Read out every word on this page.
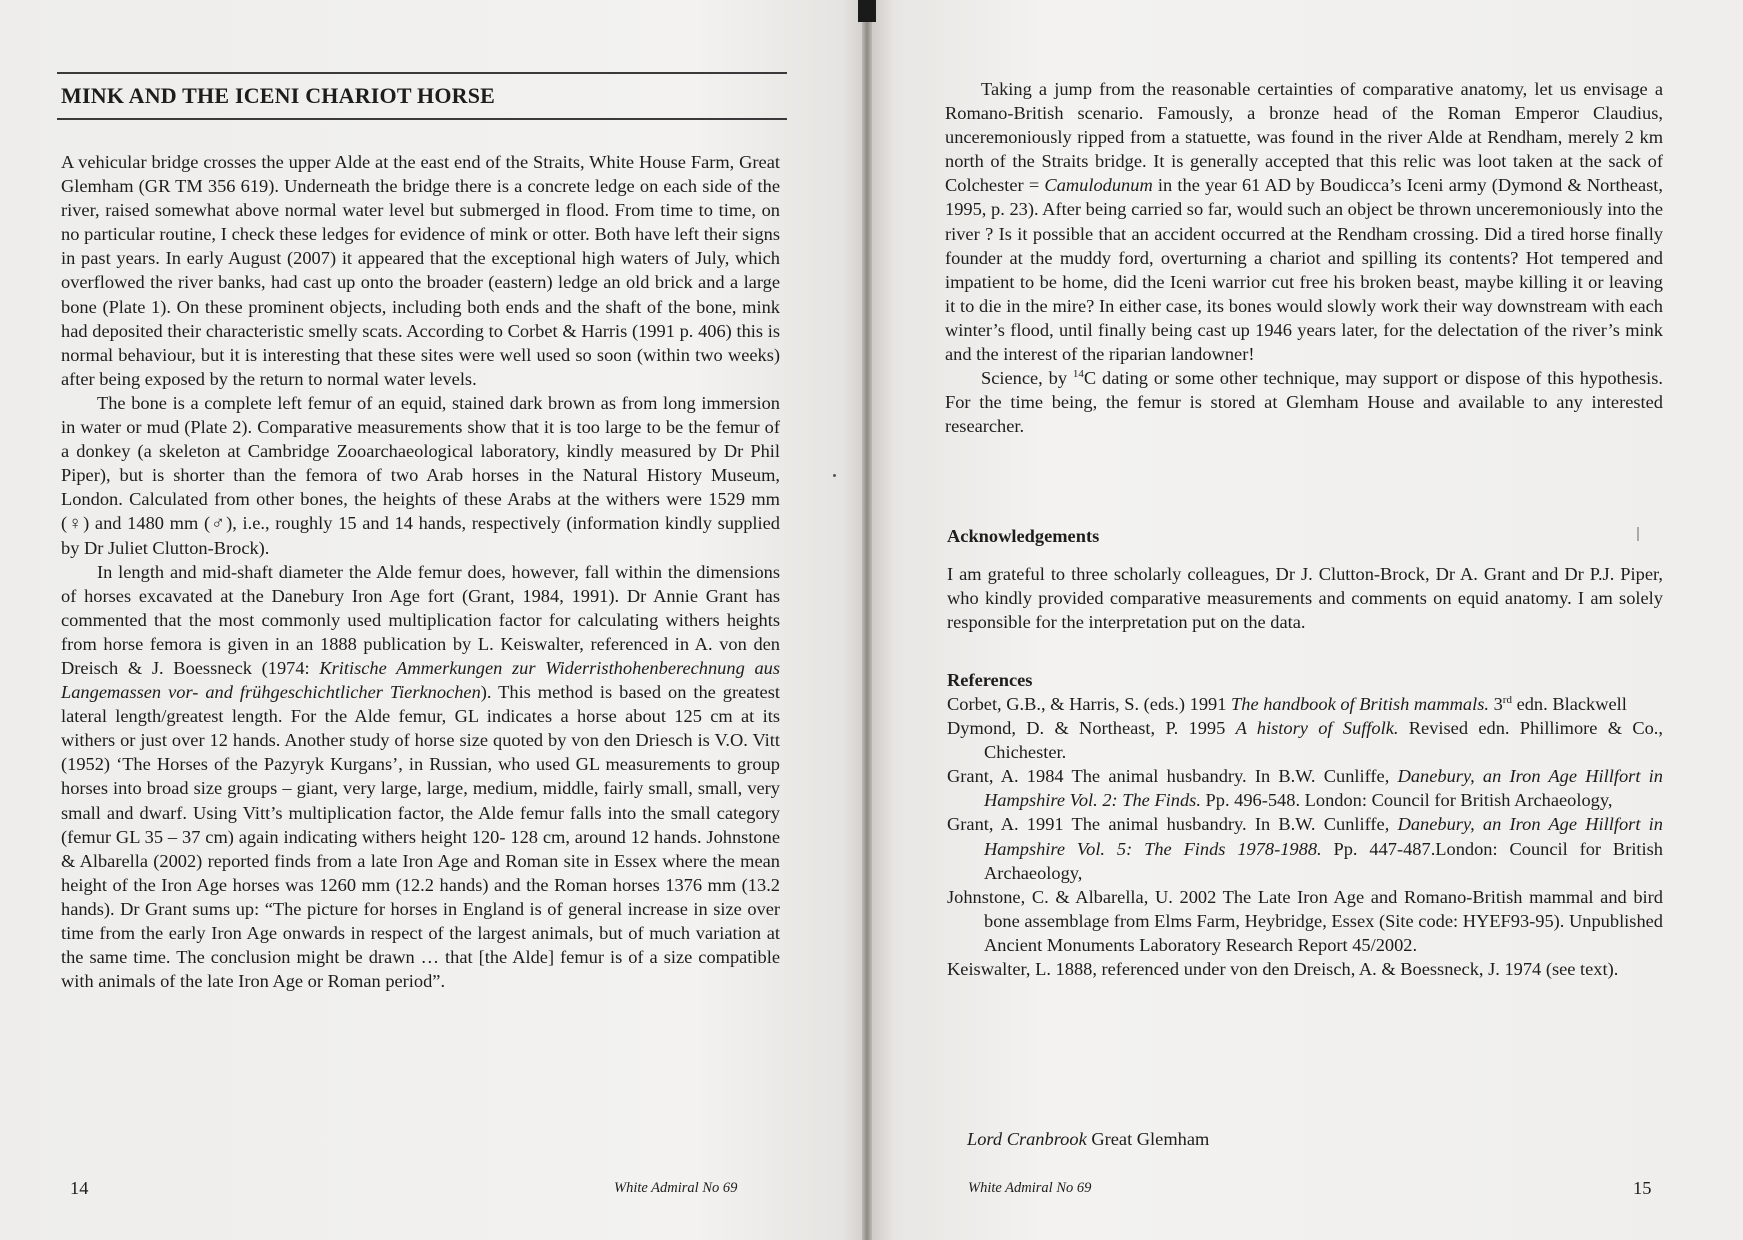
MINK AND THE ICENI CHARIOT HORSE

A vehicular bridge crosses the upper Alde at the east end of the Straits, White House Farm, Great Glemham (GR TM 356 619). Underneath the bridge there is a concrete ledge on each side of the river, raised somewhat above normal water level but submerged in flood. From time to time, on no particular routine, I check these ledges for evidence of mink or otter. Both have left their signs in past years. In early August (2007) it appeared that the exceptional high waters of July, which overflowed the river banks, had cast up onto the broader (eastern) ledge an old brick and a large bone (Plate 1). On these prominent objects, including both ends and the shaft of the bone, mink had deposited their characteristic smelly scats. According to Corbet & Harris (1991 p. 406) this is normal behaviour, but it is interesting that these sites were well used so soon (within two weeks) after being exposed by the return to normal water levels.

The bone is a complete left femur of an equid, stained dark brown as from long immersion in water or mud (Plate 2). Comparative measurements show that it is too large to be the femur of a donkey (a skeleton at Cambridge Zooarchaeological laboratory, kindly measured by Dr Phil Piper), but is shorter than the femora of two Arab horses in the Natural History Museum, London. Calculated from other bones, the heights of these Arabs at the withers were 1529 mm (♀) and 1480 mm (♂), i.e., roughly 15 and 14 hands, respectively (information kindly supplied by Dr Juliet Clutton-Brock).

In length and mid-shaft diameter the Alde femur does, however, fall within the dimensions of horses excavated at the Danebury Iron Age fort (Grant, 1984, 1991). Dr Annie Grant has commented that the most commonly used multiplication factor for calculating withers heights from horse femora is given in an 1888 publication by L. Keiswalter, referenced in A. von den Dreisch & J. Boessneck (1974: Kritische Ammerkungen zur Widerristhohenberechnung aus Langemassen vor- and frühgeschichtlicher Tierknochen). This method is based on the greatest lateral length/greatest length. For the Alde femur, GL indicates a horse about 125 cm at its withers or just over 12 hands. Another study of horse size quoted by von den Driesch is V.O. Vitt (1952) ‘The Horses of the Pazyryk Kurgans’, in Russian, who used GL measurements to group horses into broad size groups – giant, very large, large, medium, middle, fairly small, small, very small and dwarf. Using Vitt’s multiplication factor, the Alde femur falls into the small category (femur GL 35 – 37 cm) again indicating withers height 120- 128 cm, around 12 hands. Johnstone & Albarella (2002) reported finds from a late Iron Age and Roman site in Essex where the mean height of the Iron Age horses was 1260 mm (12.2 hands) and the Roman horses 1376 mm (13.2 hands). Dr Grant sums up: “The picture for horses in England is of general increase in size over time from the early Iron Age onwards in respect of the largest animals, but of much variation at the same time. The conclusion might be drawn … that [the Alde] femur is of a size compatible with animals of the late Iron Age or Roman period”.

14	White Admiral No 69

Taking a jump from the reasonable certainties of comparative anatomy, let us envisage a Romano-British scenario. Famously, a bronze head of the Roman Emperor Claudius, unceremoniously ripped from a statuette, was found in the river Alde at Rendham, merely 2 km north of the Straits bridge. It is generally accepted that this relic was loot taken at the sack of Colchester = Camulodunum in the year 61 AD by Boudicca’s Iceni army (Dymond & Northeast, 1995, p. 23). After being carried so far, would such an object be thrown unceremoniously into the river ? Is it possible that an accident occurred at the Rendham crossing. Did a tired horse finally founder at the muddy ford, overturning a chariot and spilling its contents? Hot tempered and impatient to be home, did the Iceni warrior cut free his broken beast, maybe killing it or leaving it to die in the mire? In either case, its bones would slowly work their way downstream with each winter’s flood, until finally being cast up 1946 years later, for the delectation of the river’s mink and the interest of the riparian landowner!

Science, by $^{14}$C dating or some other technique, may support or dispose of this hypothesis. For the time being, the femur is stored at Glemham House and available to any interested researcher.

Acknowledgements
I am grateful to three scholarly colleagues, Dr J. Clutton-Brock, Dr A. Grant and Dr P.J. Piper, who kindly provided comparative measurements and comments on equid anatomy. I am solely responsible for the interpretation put on the data.
References

Corbet, G.B., & Harris, S. (eds.) 1991 The handbook of British mammals. 3rd edn. Blackwell

Dymond, D. & Northeast, P. 1995 A history of Suffolk. Revised edn. Phillimore & Co., Chichester.

Grant, A. 1984 The animal husbandry. In B.W. Cunliffe, Danebury, an Iron Age Hillfort in Hampshire Vol. 2: The Finds. Pp. 496-548. London: Council for British Archaeology,

Grant, A. 1991 The animal husbandry. In B.W. Cunliffe, Danebury, an Iron Age Hillfort in Hampshire Vol. 5: The Finds 1978-1988. Pp. 447-487.London: Council for British Archaeology,

Johnstone, C. & Albarella, U. 2002 The Late Iron Age and Romano-British mammal and bird bone assemblage from Elms Farm, Heybridge, Essex (Site code: HYEF93-95). Unpublished Ancient Monuments Laboratory Research Report 45/2002.

Keiswalter, L. 1888, referenced under von den Dreisch, A. & Boessneck, J. 1974 (see text).

Lord Cranbrook Great Glemham
White Admiral No 69	15
